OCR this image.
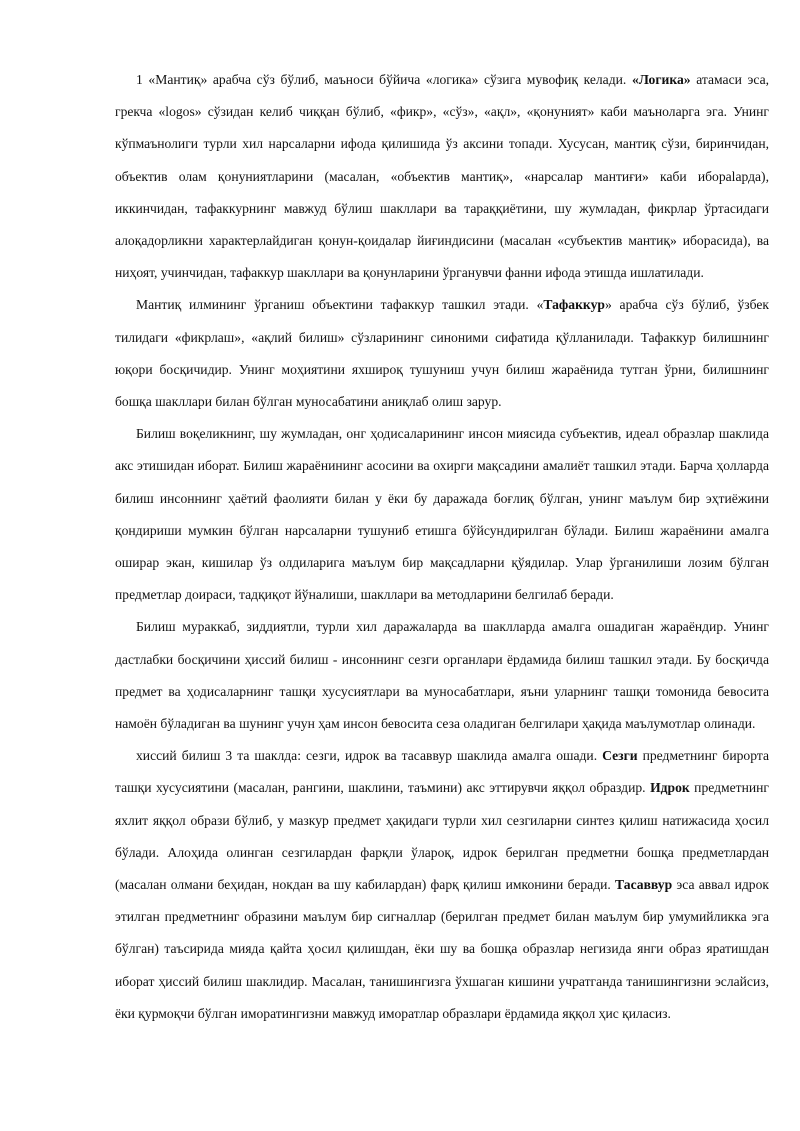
1 «Мантиқ» арабча сўз бўлиб, маъноси бўйича «логика» сўзига мувофиқ келади. «Логика» атамаси эса, грекча «logos» сўзидан келиб чиққан бўлиб, «фикр», «сўз», «ақл», «қонуният» каби маъноларга эга. Унинг кўпмаънолиги турли хил нарсаларни ифода қилишида ўз аксини топади. Хусусан, мантиқ сўзи, биринчидан, объектив олам қонуниятларини (масалан, «объектив мантиқ», «нарсалар мантиғи» каби иборalарда), иккинчидан, тафаккурнинг мавжуд бўлиш шакллари ва тараққиётини, шу жумладан, фикрлар ўртасидаги алоқадорликни характерлайдиган қонун-қоидалар йиғиндисини (масалан «субъектив мантиқ» иборасида), ва ниҳоят, учинчидан, тафаккур шакллари ва қонунларини ўрганувчи фанни ифода этишда ишлатилади.

Мантиқ илмининг ўрганиш объектини тафаккур ташкил этади. «Тафаккур» арабча сўз бўлиб, ўзбек тилидаги «фикрлаш», «ақлий билиш» сўзларининг синоними сифатида қўлланилади. Тафаккур билишнинг юқори босқичидир. Унинг моҳиятини яхшироқ тушуниш учун билиш жараёнида тутган ўрни, билишнинг бошқа шакллари билан бўлган муносабатини аниқлаб олиш зарур.

Билиш воқеликнинг, шу жумладан, онг ҳодисаларининг инсон миясида субъектив, идеал образлар шаклида акс этишидан иборат. Билиш жараёнининг асосини ва охирги мақсадини амалиёт ташкил этади. Барча ҳолларда билиш инсоннинг ҳаётий фаолияти билан у ёки бу даражада боғлиқ бўлган, унинг маълум бир эҳтиёжини қондириши мумкин бўлган нарсаларни тушуниб етишга бўйсундирилган бўлади. Билиш жараёнини амалга оширар экан, кишилар ўз олдиларига маълум бир мақсадларни қўядилар. Улар ўрганилиши лозим бўлган предметлар доираси, тадқиқот йўналиши, шакллари ва методларини белгилаб беради.

Билиш мураккаб, зиддиятли, турли хил даражаларда ва шаклларда амалга ошадиган жараёндир. Унинг дастлабки босқичини ҳиссий билиш - инсоннинг сезги органлари ёрдамида билиш ташкил этади. Бу босқичда предмет ва ҳодисаларнинг ташқи хусусиятлари ва муносабатлари, яъни уларнинг ташқи томонида бевосита намоён бўладиган ва шунинг учун ҳам инсон бевосита сеза оладиган белгилари ҳақида маълумотлар олинади.

хиссий билиш 3 та шаклда: сезги, идрок ва тасаввур шаклида амалга ошади. Сезги предметнинг бирорта ташқи хусусиятини (масалан, рангини, шаклини, таъмини) акс эттирувчи яққол образдир. Идрок предметнинг яхлит яққол образи бўлиб, у мазкур предмет ҳақидаги турли хил сезгиларни синтез қилиш натижасида ҳосил бўлади. Алоҳида олинган сезгилардан фарқли ўлароқ, идрок берилган предметни бошқа предметлардан (масалан олмани беҳидан, нокдан ва шу кабилардан) фарқ қилиш имконини беради. Тасаввур эса аввал идрок этилган предметнинг образини маълум бир сигналлар (берилган предмет билан маълум бир умумийликка эга бўлган) таъсирида мияда қайта ҳосил қилишдан, ёки шу ва бошқа образлар негизида янги образ яратишдан иборат ҳиссий билиш шаклидир. Масалан, танишингизга ўхшаган кишини учратганда танишингизни эслайсиз, ёки қурмоқчи бўлган иморатингизни мавжуд иморатлар образлари ёрдамида яққол ҳис қиласиз.
